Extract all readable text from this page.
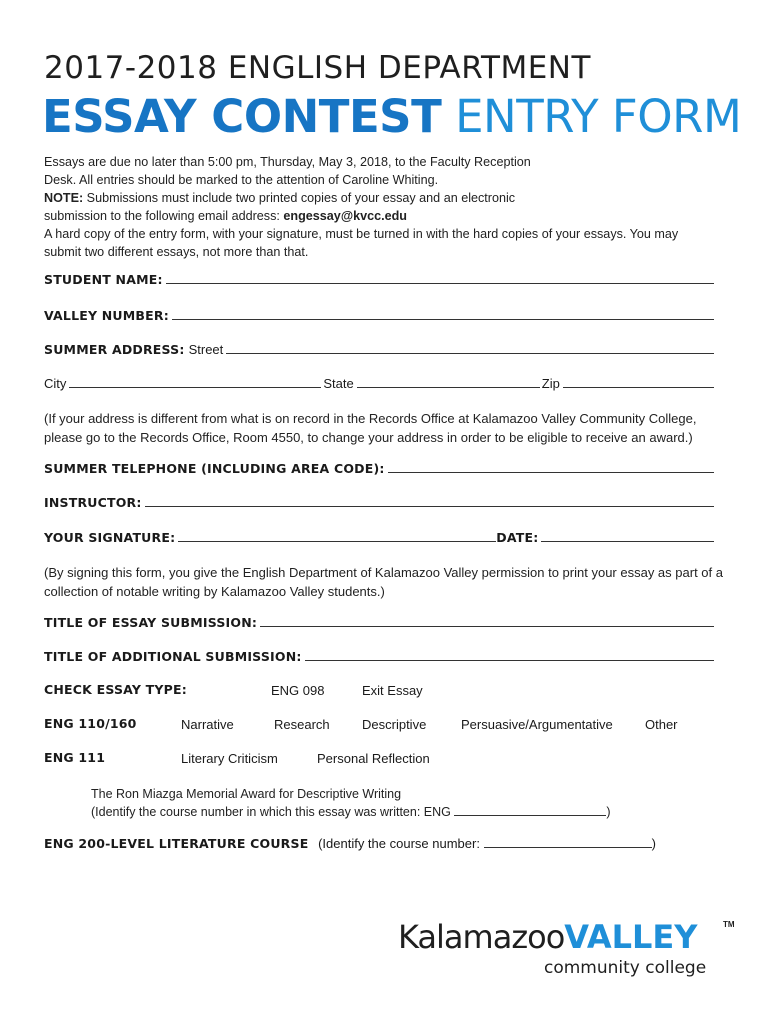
2017-2018 ENGLISH DEPARTMENT
ESSAY CONTEST ENTRY FORM
Essays are due no later than 5:00 pm, Thursday, May 3, 2018, to the Faculty Reception Desk. All entries should be marked to the attention of Caroline Whiting.
NOTE: Submissions must include two printed copies of your essay and an electronic submission to the following email address: engessay@kvcc.edu
A hard copy of the entry form, with your signature, must be turned in with the hard copies of your essays. You may submit two different essays, not more than that.
STUDENT NAME:
VALLEY NUMBER:
SUMMER ADDRESS: Street
City	State	Zip
(If your address is different from what is on record in the Records Office at Kalamazoo Valley Community College, please go to the Records Office, Room 4550, to change your address in order to be eligible to receive an award.)
SUMMER TELEPHONE (INCLUDING AREA CODE):
INSTRUCTOR:
YOUR SIGNATURE:	DATE:
(By signing this form, you give the English Department of Kalamazoo Valley permission to print your essay as part of a collection of notable writing by Kalamazoo Valley students.)
TITLE OF ESSAY SUBMISSION:
TITLE OF ADDITIONAL SUBMISSION:
CHECK ESSAY TYPE:	ENG 098	Exit Essay
ENG 110/160	Narrative	Research Descriptive	Persuasive/Argumentative Other
ENG 111	Literary Criticism	Personal Reflection
The Ron Miazga Memorial Award for Descriptive Writing
(Identify the course number in which this essay was written: ENG	)
ENG 200-LEVEL LITERATURE COURSE (Identify the course number:	)
KalamazooVALLEY	TM
community college
